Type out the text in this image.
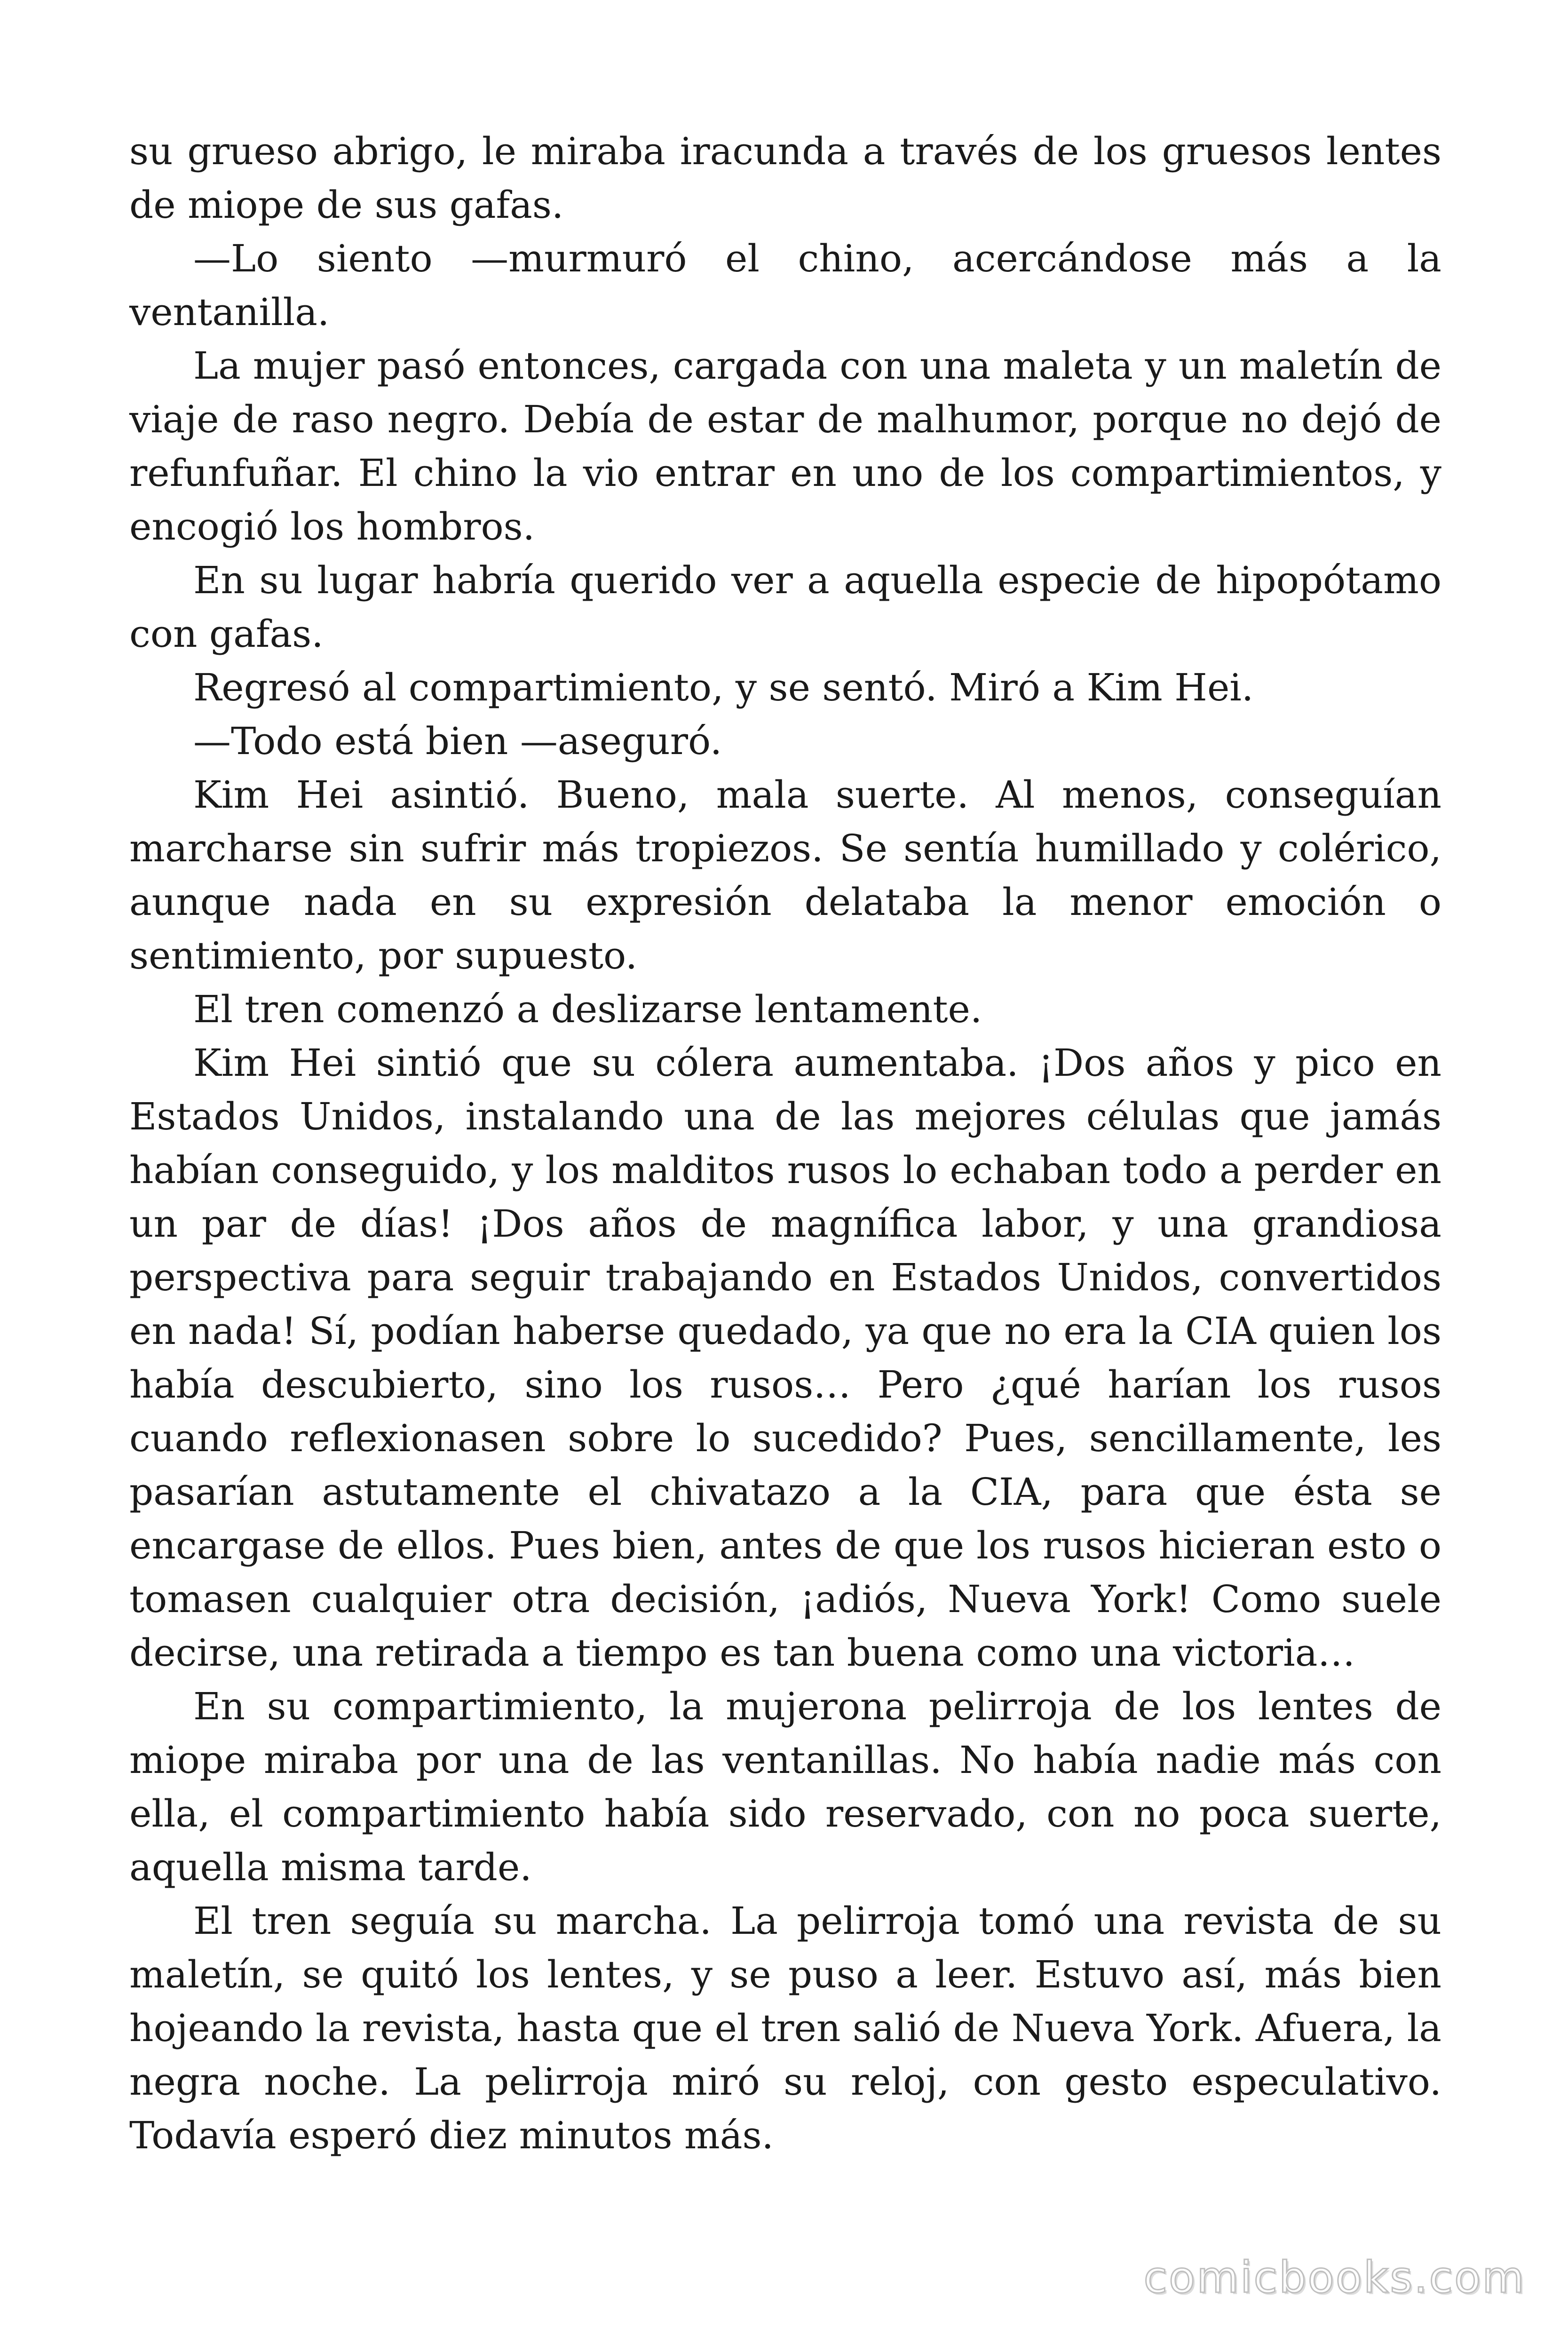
su grueso abrigo, le miraba iracunda a través de los gruesos lentes de miope de sus gafas.

—Lo siento —murmuró el chino, acercándose más a la ventanilla.

La mujer pasó entonces, cargada con una maleta y un maletín de viaje de raso negro. Debía de estar de malhumor, porque no dejó de refunfuñar. El chino la vio entrar en uno de los compartimientos, y encogió los hombros.

En su lugar habría querido ver a aquella especie de hipopótamo con gafas.

Regresó al compartimiento, y se sentó. Miró a Kim Hei.

—Todo está bien —aseguró.

Kim Hei asintió. Bueno, mala suerte. Al menos, conseguían marcharse sin sufrir más tropiezos. Se sentía humillado y colérico, aunque nada en su expresión delataba la menor emoción o sentimiento, por supuesto.

El tren comenzó a deslizarse lentamente.

Kim Hei sintió que su cólera aumentaba. ¡Dos años y pico en Estados Unidos, instalando una de las mejores células que jamás habían conseguido, y los malditos rusos lo echaban todo a perder en un par de días! ¡Dos años de magnífica labor, y una grandiosa perspectiva para seguir trabajando en Estados Unidos, convertidos en nada! Sí, podían haberse quedado, ya que no era la CIA quien los había descubierto, sino los rusos… Pero ¿qué harían los rusos cuando reflexionasen sobre lo sucedido? Pues, sencillamente, les pasarían astutamente el chivatazo a la CIA, para que ésta se encargase de ellos. Pues bien, antes de que los rusos hicieran esto o tomasen cualquier otra decisión, ¡adiós, Nueva York! Como suele decirse, una retirada a tiempo es tan buena como una victoria…

En su compartimiento, la mujerona pelirroja de los lentes de miope miraba por una de las ventanillas. No había nadie más con ella, el compartimiento había sido reservado, con no poca suerte, aquella misma tarde.

El tren seguía su marcha. La pelirroja tomó una revista de su maletín, se quitó los lentes, y se puso a leer. Estuvo así, más bien hojeando la revista, hasta que el tren salió de Nueva York. Afuera, la negra noche. La pelirroja miró su reloj, con gesto especulativo. Todavía esperó diez minutos más.

comicbooks.com
